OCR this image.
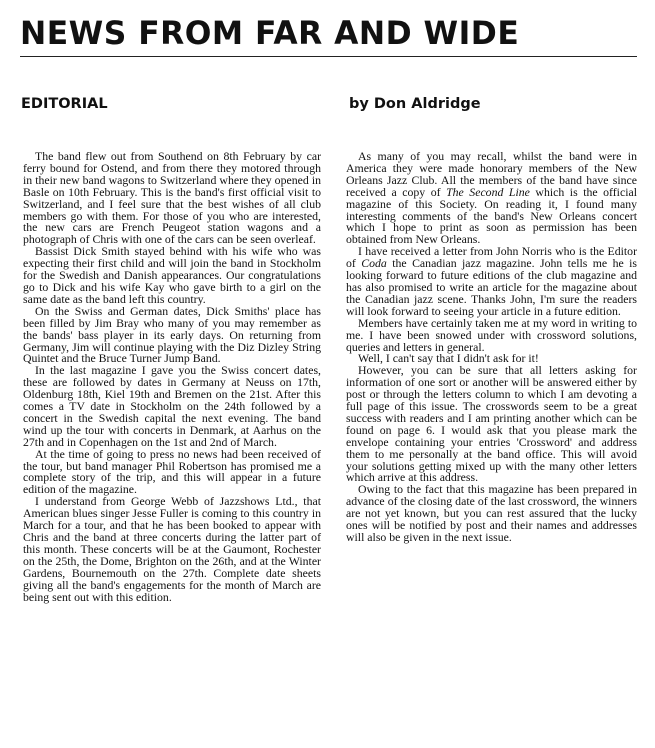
NEWS FROM FAR AND WIDE
EDITORIAL	by Don Aldridge

The band flew out from Southend on 8th February by car ferry bound for Ostend, and from there they motored through in their new band wagons to Switzerland where they opened in Basle on 10th February. This is the band's first official visit to Switzerland, and I feel sure that the best wishes of all club members go with them. For those of you who are interested, the new cars are French Peugeot station wagons and a photograph of Chris with one of the cars can be seen overleaf.

Bassist Dick Smith stayed behind with his wife who was expecting their first child and will join the band in Stockholm for the Swedish and Danish appearances. Our congratulations go to Dick and his wife Kay who gave birth to a girl on the same date as the band left this country.

On the Swiss and German dates, Dick Smiths' place has been filled by Jim Bray who many of you may remember as the bands' bass player in its early days. On returning from Germany, Jim will continue playing with the Diz Dizley String Quintet and the Bruce Turner Jump Band.

In the last magazine I gave you the Swiss concert dates, these are followed by dates in Germany at Neuss on 17th, Oldenburg 18th, Kiel 19th and Bremen on the 21st. After this comes a TV date in Stockholm on the 24th followed by a concert in the Swedish capital the next evening. The band wind up the tour with concerts in Denmark, at Aarhus on the 27th and in Copenhagen on the 1st and 2nd of March.

At the time of going to press no news had been received of the tour, but band manager Phil Robertson has promised me a complete story of the trip, and this will appear in a future edition of the magazine.

I understand from George Webb of Jazzshows Ltd., that American blues singer Jesse Fuller is coming to this country in March for a tour, and that he has been booked to appear with Chris and the band at three concerts during the latter part of this month. These concerts will be at the Gaumont, Rochester on the 25th, the Dome, Brighton on the 26th, and at the Winter Gardens, Bournemouth on the 27th. Complete date sheets giving all the band's engagements for the month of March are being sent out with this edition.

As many of you may recall, whilst the band were in America they were made honorary members of the New Orleans Jazz Club. All the members of the band have since received a copy of The Second Line which is the official magazine of this Society. On reading it, I found many interesting comments of the band's New Orleans concert which I hope to print as soon as permission has been obtained from New Orleans.

I have received a letter from John Norris who is the Editor of Coda the Canadian jazz magazine. John tells me he is looking forward to future editions of the club magazine and has also promised to write an article for the magazine about the Canadian jazz scene. Thanks John, I'm sure the readers will look forward to seeing your article in a future edition.

Members have certainly taken me at my word in writing to me. I have been snowed under with crossword solutions, queries and letters in general.

Well, I can't say that I didn't ask for it!

However, you can be sure that all letters asking for information of one sort or another will be answered either by post or through the letters column to which I am devoting a full page of this issue. The crosswords seem to be a great success with readers and I am printing another which can be found on page 6. I would ask that you please mark the envelope containing your entries 'Crossword' and address them to me personally at the band office. This will avoid your solutions getting mixed up with the many other letters which arrive at this address.

Owing to the fact that this magazine has been prepared in advance of the closing date of the last crossword, the winners are not yet known, but you can rest assured that the lucky ones will be notified by post and their names and addresses will also be given in the next issue.
